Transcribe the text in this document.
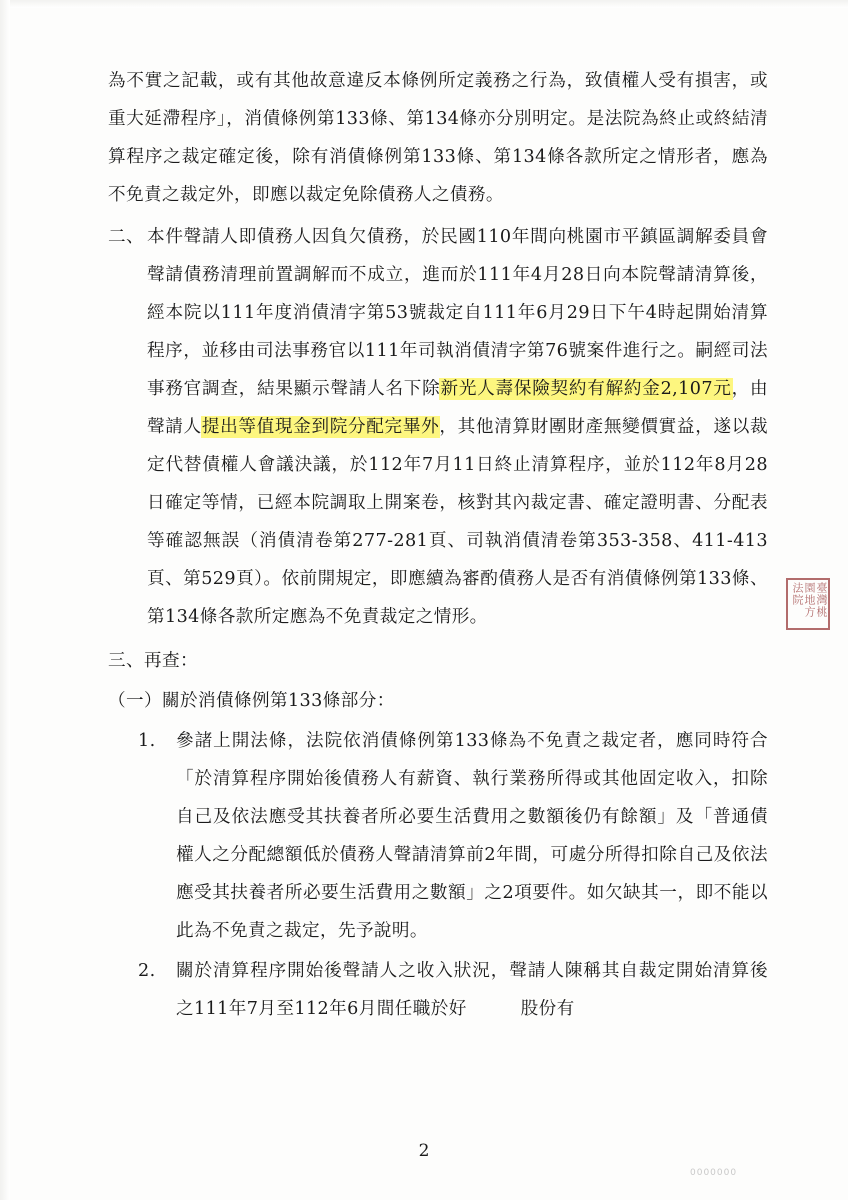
為不實之記載，或有其他故意違反本條例所定義務之行為，致債權人受有損害，或重大延滯程序」，消債條例第133條、第134條亦分別明定。是法院為終止或終結清算程序之裁定確定後，除有消債條例第133條、第134條各款所定之情形者，應為不免責之裁定外，即應以裁定免除債務人之債務。

二、 本件聲請人即債務人因負欠債務，於民國110年間向桃園市平鎮區調解委員會聲請債務清理前置調解而不成立，進而於111年4月28日向本院聲請清算後，經本院以111年度消債清字第53號裁定自111年6月29日下午4時起開始清算程序，並移由司法事務官以111年司執消債清字第76號案件進行之。嗣經司法事務官調查，結果顯示聲請人名下除新光人壽保險契約有解約金2,107元，由聲請人提出等值現金到院分配完畢外，其他清算財團財產無變價實益，遂以裁定代替債權人會議決議，於112年7月11日終止清算程序，並於112年8月28日確定等情，已經本院調取上開案卷，核對其內裁定書、確定證明書、分配表等確認無誤（消債清卷第277-281頁、司執消債清卷第353-358、411-413頁、第529頁）。依前開規定，即應續為審酌債務人是否有消債條例第133條、第134條各款所定應為不免責裁定之情形。

三、再查：

（一）關於消債條例第133條部分：

1. 參諸上開法條，法院依消債條例第133條為不免責之裁定者，應同時符合「於清算程序開始後債務人有薪資、執行業務所得或其他固定收入，扣除自己及依法應受其扶養者所必要生活費用之數額後仍有餘額」及「普通債權人之分配總額低於債務人聲請清算前2年間，可處分所得扣除自己及依法應受其扶養者所必要生活費用之數額」之2項要件。如欠缺其一，即不能以此為不免責之裁定，先予說明。
2. 關於清算程序開始後聲請人之收入狀況，聲請人陳稱其自裁定開始清算後之111年7月至112年6月間任職於好　　　股份有
臺灣桃園地方法院
2
0000000
